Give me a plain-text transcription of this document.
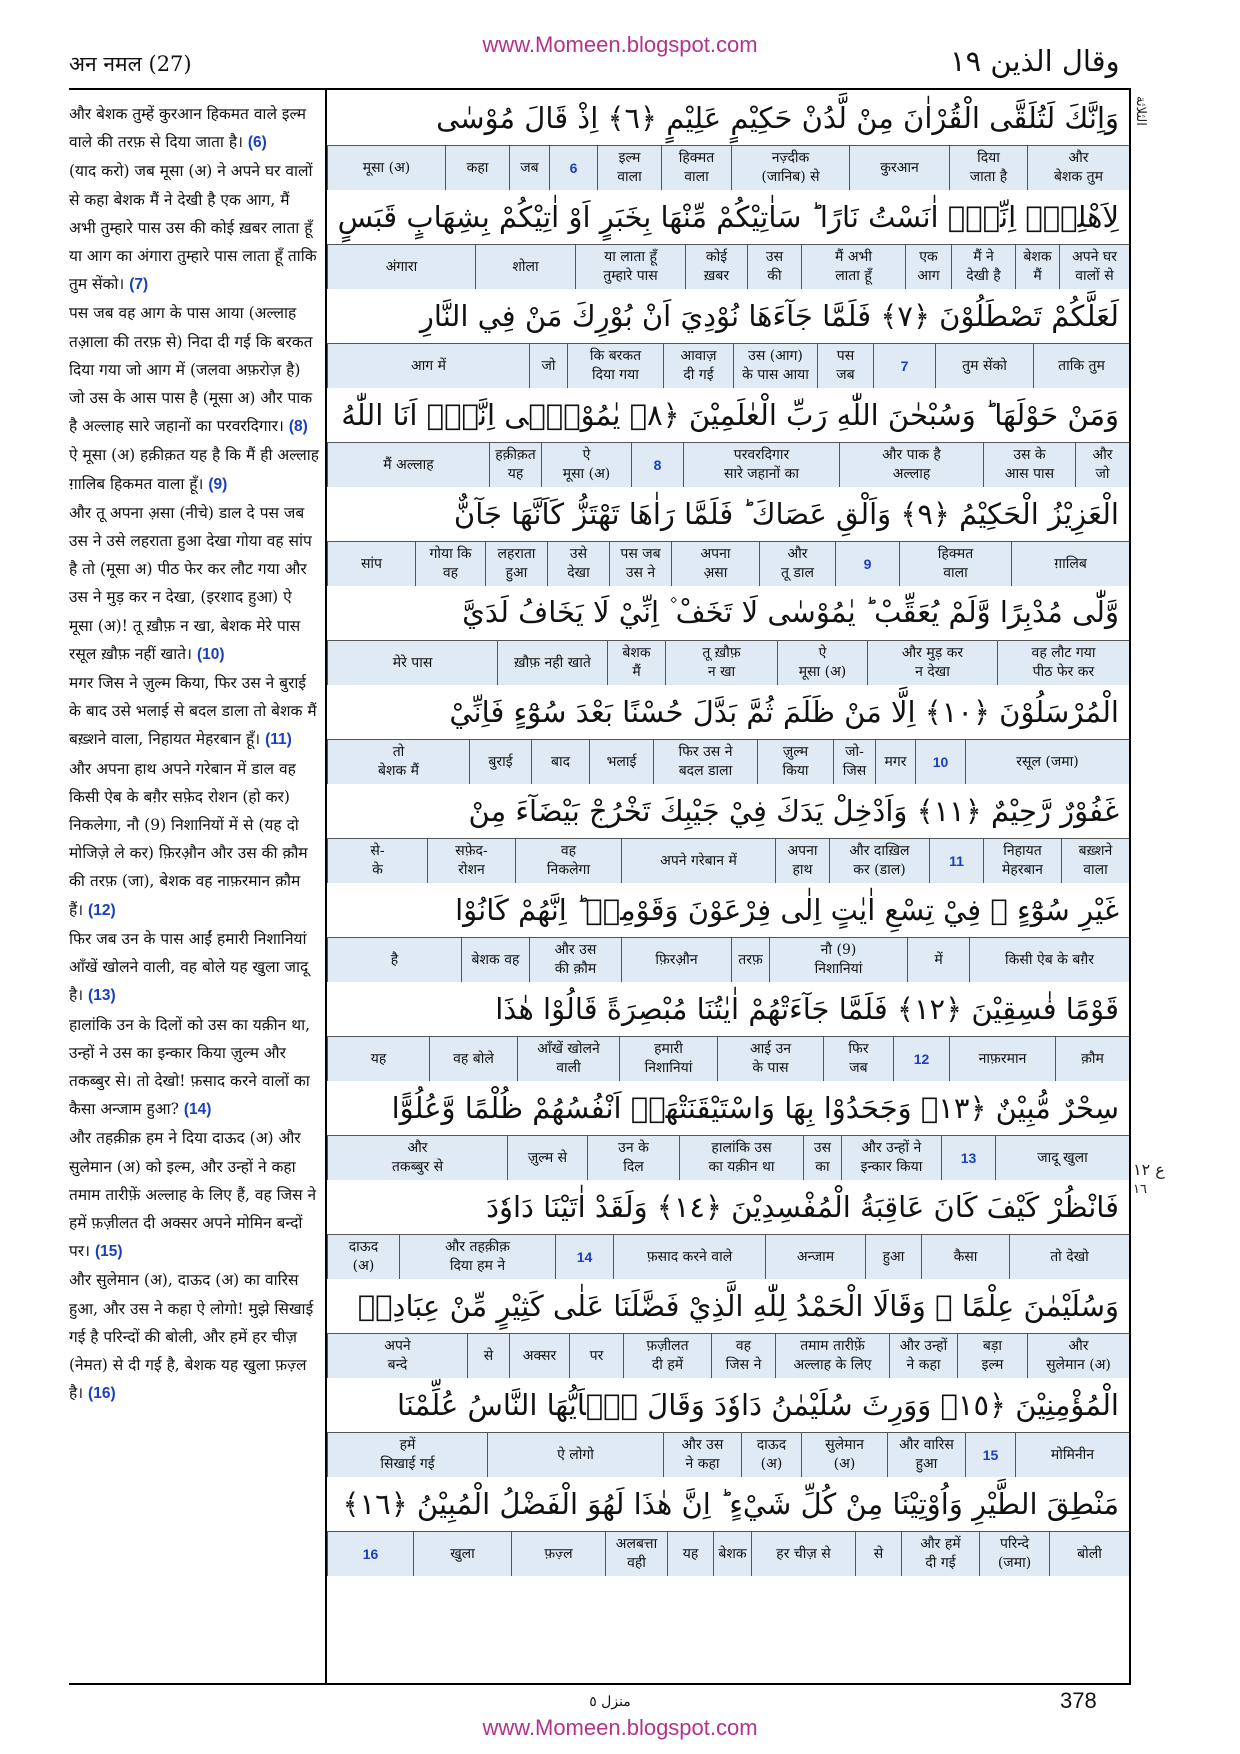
www.Momeen.blogspot.com
अन नमल (27)	وقال الذين ١٩

और बेशक तुम्हें कुरआन हिकमत वाले इल्म वाले की तरफ़ से दिया जाता है। (6)

(याद करो) जब मूसा (अ) ने अपने घर वालों से कहा बेशक मैं ने देखी है एक आग, मैं अभी तुम्हारे पास उस की कोई ख़बर लाता हूँ या आग का अंगारा तुम्हारे पास लाता हूँ ताकि तुम सेंको। (7)

पस जब वह आग के पास आया (अल्लाह तआ़ला की तरफ़ से) निदा दी गई कि बरकत दिया गया जो आग में (जलवा अफ़रोज़ है) जो उस के आस पास है (मूसा अ) और पाक है अल्लाह सारे जहानों का परवरदिगार। (8)

ऐ मूसा (अ) हक़ीक़त यह है कि मैं ही अल्लाह ग़ालिब हिकमत वाला हूँ। (9)

और तू अपना अ़सा (नीचे) डाल दे पस जब उस ने उसे लहराता हुआ देखा गोया वह सांप है तो (मूसा अ) पीठ फेर कर लौट गया और उस ने मुड़ कर न देखा, (इरशाद हुआ) ऐ मूसा (अ)! तू ख़ौफ़ न खा, बेशक मेरे पास रसूल ख़ौफ़ नहीं खाते। (10)

मगर जिस ने ज़ुल्म किया, फिर उस ने बुराई के बाद उसे भलाई से बदल डाला तो बेशक मैं बख़्शने वाला, निहायत मेहरबान हूँ। (11)

और अपना हाथ अपने गरेबान में डाल वह किसी ऐब के बग़ैर सफ़ेद रोशन (हो कर) निकलेगा, नौ (9) निशानियों में से (यह दो मोजिज़े ले कर) फ़िरऔ़न और उस की क़ौम की तरफ़ (जा), बेशक वह नाफ़रमान क़ौम हैं। (12)

फिर जब उन के पास आईं हमारी निशानियां आँखें खोलने वाली, वह बोले यह खुला जादू है। (13)

हालांकि उन के दिलों को उस का यक़ीन था, उन्हों ने उस का इन्कार किया ज़ुल्म और तकब्बुर से। तो देखो! फ़साद करने वालों का कैसा अन्जाम हुआ? (14)

और तहक़ीक़ हम ने दिया दाऊद (अ) और सुलेमान (अ) को इल्म, और उन्हों ने कहा तमाम तारीफ़ें अल्लाह के लिए हैं, वह जिस ने हमें फ़ज़ीलत दी अक्सर अपने मोमिन बन्दों पर। (15)

और सुलेमान (अ), दाऊद (अ) का वारिस हुआ, और उस ने कहा ऐ लोगो! मुझे सिखाई गई है परिन्दों की बोली, और हमें हर चीज़ (नेमत) से दी गई है, बेशक यह खुला फ़ज़्ल है। (16)

وَاِنَّكَ لَتُلَقَّى الْقُرْاٰنَ مِنْ لَّدُنْ حَكِيْمٍ عَلِيْمٍ ﴿٦﴾ اِذْ قَالَ مُوْسٰى
और
बेशक तुम
दिया
जाता है
कुरआन
नज़्दीक
(जानिब) से
हिक्मत
वाला
इल्म
वाला
6
जब
कहा
मूसा (अ)
لِاَهْلِهٖۤ اِنِّيْۤ اٰنَسْتُ نَارًا ؕ سَاٰتِيْكُمْ مِّنْهَا بِخَبَرٍ اَوْ اٰتِيْكُمْ بِشِهَابٍ قَبَسٍ
अपने घर
वालों से
बेशक
मैं
मैं ने
देखी है
एक
आग
मैं अभी
लाता हूँ
उस
की
कोई
ख़बर
या लाता हूँ
तुम्हारे पास
शोला
अंगारा
لَعَلَّكُمْ تَصْطَلُوْنَ ﴿٧﴾ فَلَمَّا جَآءَهَا نُوْدِيَ اَنْ بُوْرِكَ مَنْ فِي النَّارِ
ताकि तुम
तुम सेंको
7
पस
जब
उस (आग)
के पास आया
आवाज़
दी गई
कि बरकत
दिया गया
जो
आग में
وَمَنْ حَوْلَهَا ؕ وَسُبْحٰنَ اللّٰهِ رَبِّ الْعٰلَمِيْنَ ﴿٨﴾ يٰمُوْسٰۤى اِنَّهٗۤ اَنَا اللّٰهُ
और
जो
उस के
आस पास
और पाक है
अल्लाह
परवरदिगार
सारे जहानों का
8
ऐ
मूसा (अ)
हक़ीक़त
यह
मैं अल्लाह
الْعَزِيْزُ الْحَكِيْمُ ﴿٩﴾ وَاَلْقِ عَصَاكَ ؕ فَلَمَّا رَاٰهَا تَهْتَزُّ كَاَنَّهَا جَآنٌّ
ग़ालिब
हिक्मत
वाला
9
और
तू डाल
अपना
अ़सा
पस जब
उस ने
उसे
देखा
लहराता
हुआ
गोया कि
वह
सांप
وَّلّٰى مُدْبِرًا وَّلَمْ يُعَقِّبْ ؕ يٰمُوْسٰى لَا تَخَفْ ۫ اِنِّيْ لَا يَخَافُ لَدَيَّ
वह लौट गया
पीठ फेर कर
और मुड़ कर
न देखा
ऐ
मूसा (अ)
तू ख़ौफ़
न खा
बेशक
मैं
ख़ौफ़ नही खाते
मेरे पास
الْمُرْسَلُوْنَ ﴿١٠﴾ اِلَّا مَنْ ظَلَمَ ثُمَّ بَدَّلَ حُسْنًا بَعْدَ سُوْٓءٍ فَاِنِّيْ
रसूल (जमा)
10
मगर
जो-
जिस
ज़ुल्म
किया
फिर उस ने
बदल डाला
भलाई
बाद
बुराई
तो
बेशक मैं
غَفُوْرٌ رَّحِيْمٌ ﴿١١﴾ وَاَدْخِلْ يَدَكَ فِيْ جَيْبِكَ تَخْرُجْ بَيْضَآءَ مِنْ
बख़्शने
वाला
निहायत
मेहरबान
11
और दाख़िल
कर (डाल)
अपना
हाथ
अपने गरेबान में
वह
निकलेगा
सफ़ेद-
रोशन
से-
के
غَيْرِ سُوْٓءٍ ۫ فِيْ تِسْعِ اٰيٰتٍ اِلٰى فِرْعَوْنَ وَقَوْمِهٖ ؕ اِنَّهُمْ كَانُوْا
किसी ऐब के बग़ैर
में
नौ (9)
निशानियां
तरफ़
फ़िरऔ़न
और उस
की क़ौम
बेशक वह
है
قَوْمًا فٰسِقِيْنَ ﴿١٢﴾ فَلَمَّا جَآءَتْهُمْ اٰيٰتُنَا مُبْصِرَةً قَالُوْا هٰذَا
क़ौम
नाफ़रमान
12
फिर
जब
आई उन
के पास
हमारी
निशानियां
आँखें खोलने
वाली
वह बोले
यह
سِحْرٌ مُّبِيْنٌ ﴿١٣﴾ وَجَحَدُوْا بِهَا وَاسْتَيْقَنَتْهَاۤ اَنْفُسُهُمْ ظُلْمًا وَّعُلُوًّا
जादू खुला
13
और उन्हों ने
इन्कार किया
उस
का
हालांकि उस
का यक़ीन था
उन के
दिल
ज़ुल्म से
और
तकब्बुर से
فَانْظُرْ كَيْفَ كَانَ عَاقِبَةُ الْمُفْسِدِيْنَ ﴿١٤﴾ وَلَقَدْ اٰتَيْنَا دَاوٗدَ
तो देखो
कैसा
हुआ
अन्जाम
फ़साद करने वाले
14
और तहक़ीक़
दिया हम ने
दाऊद
(अ)
وَسُلَيْمٰنَ عِلْمًا ۚ وَقَالَا الْحَمْدُ لِلّٰهِ الَّذِيْ فَضَّلَنَا عَلٰى كَثِيْرٍ مِّنْ عِبَادِهٖ
और
सुलेमान (अ)
बड़ा
इल्म
और उन्हों
ने कहा
तमाम तारीफ़ें
अल्लाह के लिए
वह
जिस ने
फ़ज़ीलत
दी हमें
पर
अक्सर
से
अपने
बन्दे
الْمُؤْمِنِيْنَ ﴿١٥﴾ وَوَرِثَ سُلَيْمٰنُ دَاوٗدَ وَقَالَ يٰۤاَيُّهَا النَّاسُ عُلِّمْنَا
मोमिनीन
15
और वारिस
हुआ
सुलेमान
(अ)
दाऊद
(अ)
और उस
ने कहा
ऐ लोगो
हमें
सिखाई गई
مَنْطِقَ الطَّيْرِ وَاُوْتِيْنَا مِنْ كُلِّ شَيْءٍ ؕ اِنَّ هٰذَا لَهُوَ الْفَضْلُ الْمُبِيْنُ ﴿١٦﴾
बोली
परिन्दे
(जमा)
और हमें
दी गई
से
हर चीज़ से
बेशक
यह
अलबत्ता
वही
फ़ज़्ल
खुला
16
الثلاثة
ع ١٢
١٦
منزل ٥	378
www.Momeen.blogspot.com
